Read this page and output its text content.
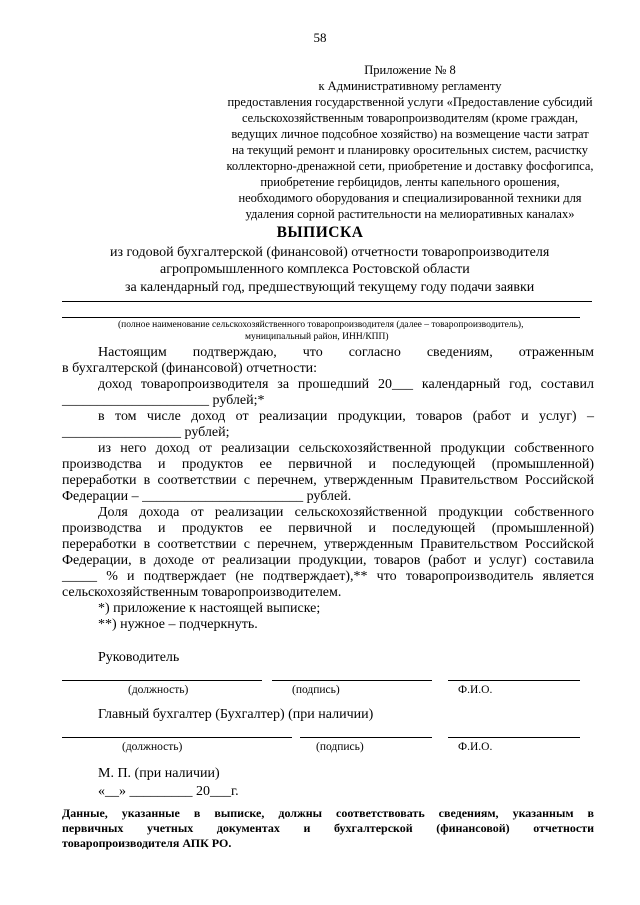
58
Приложение № 8
к Административному регламенту
предоставления государственной услуги «Предоставление субсидий
сельскохозяйственным товаропроизводителям (кроме граждан,
ведущих личное подсобное хозяйство) на возмещение части затрат
на текущий ремонт и планировку оросительных систем, расчистку
коллекторно-дренажной сети, приобретение и доставку фосфогипса,
приобретение гербицидов, ленты капельного орошения,
необходимого оборудования и специализированной техники для
удаления сорной растительности на мелиоративных каналах»
ВЫПИСКА
из годовой бухгалтерской (финансовой) отчетности товаропроизводителя
агропромышленного комплекса Ростовской области
за календарный год, предшествующий текущему году подачи заявки
(полное наименование сельскохозяйственного товаропроизводителя (далее – товаропроизводитель),
муниципальный район, ИНН/КПП)
Настоящим подтверждаю, что согласно сведениям, отраженным
в бухгалтерской (финансовой) отчетности:
доход товаропроизводителя за прошедший 20___ календарный год, составил
_____________________ рублей;*
в том числе доход от реализации продукции, товаров (работ и услуг) –
_________________ рублей;
из него доход от реализации сельскохозяйственной продукции собственного
производства и продуктов ее первичной и последующей (промышленной)
переработки в соответствии с перечнем, утвержденным Правительством Российской
Федерации – _______________________ рублей.
Доля дохода от реализации сельскохозяйственной продукции собственного
производства и продуктов ее первичной и последующей (промышленной)
переработки в соответствии с перечнем, утвержденным Правительством Российской
Федерации, в доходе от реализации продукции, товаров (работ и услуг) составила
_____ % и подтверждает (не подтверждает),** что товаропроизводитель является
сельскохозяйственным товаропроизводителем.
*) приложение к настоящей выписке;
**) нужное – подчеркнуть.
Руководитель
(должность)	(подпись)	Ф.И.О.
Главный бухгалтер (Бухгалтер) (при наличии)
(должность)	(подпись)	Ф.И.О.
М. П. (при наличии)
«__» _________ 20___г.
Данные, указанные в выписке, должны соответствовать сведениям, указанным в
первичных учетных документах и бухгалтерской (финансовой) отчетности
товаропроизводителя АПК РО.
